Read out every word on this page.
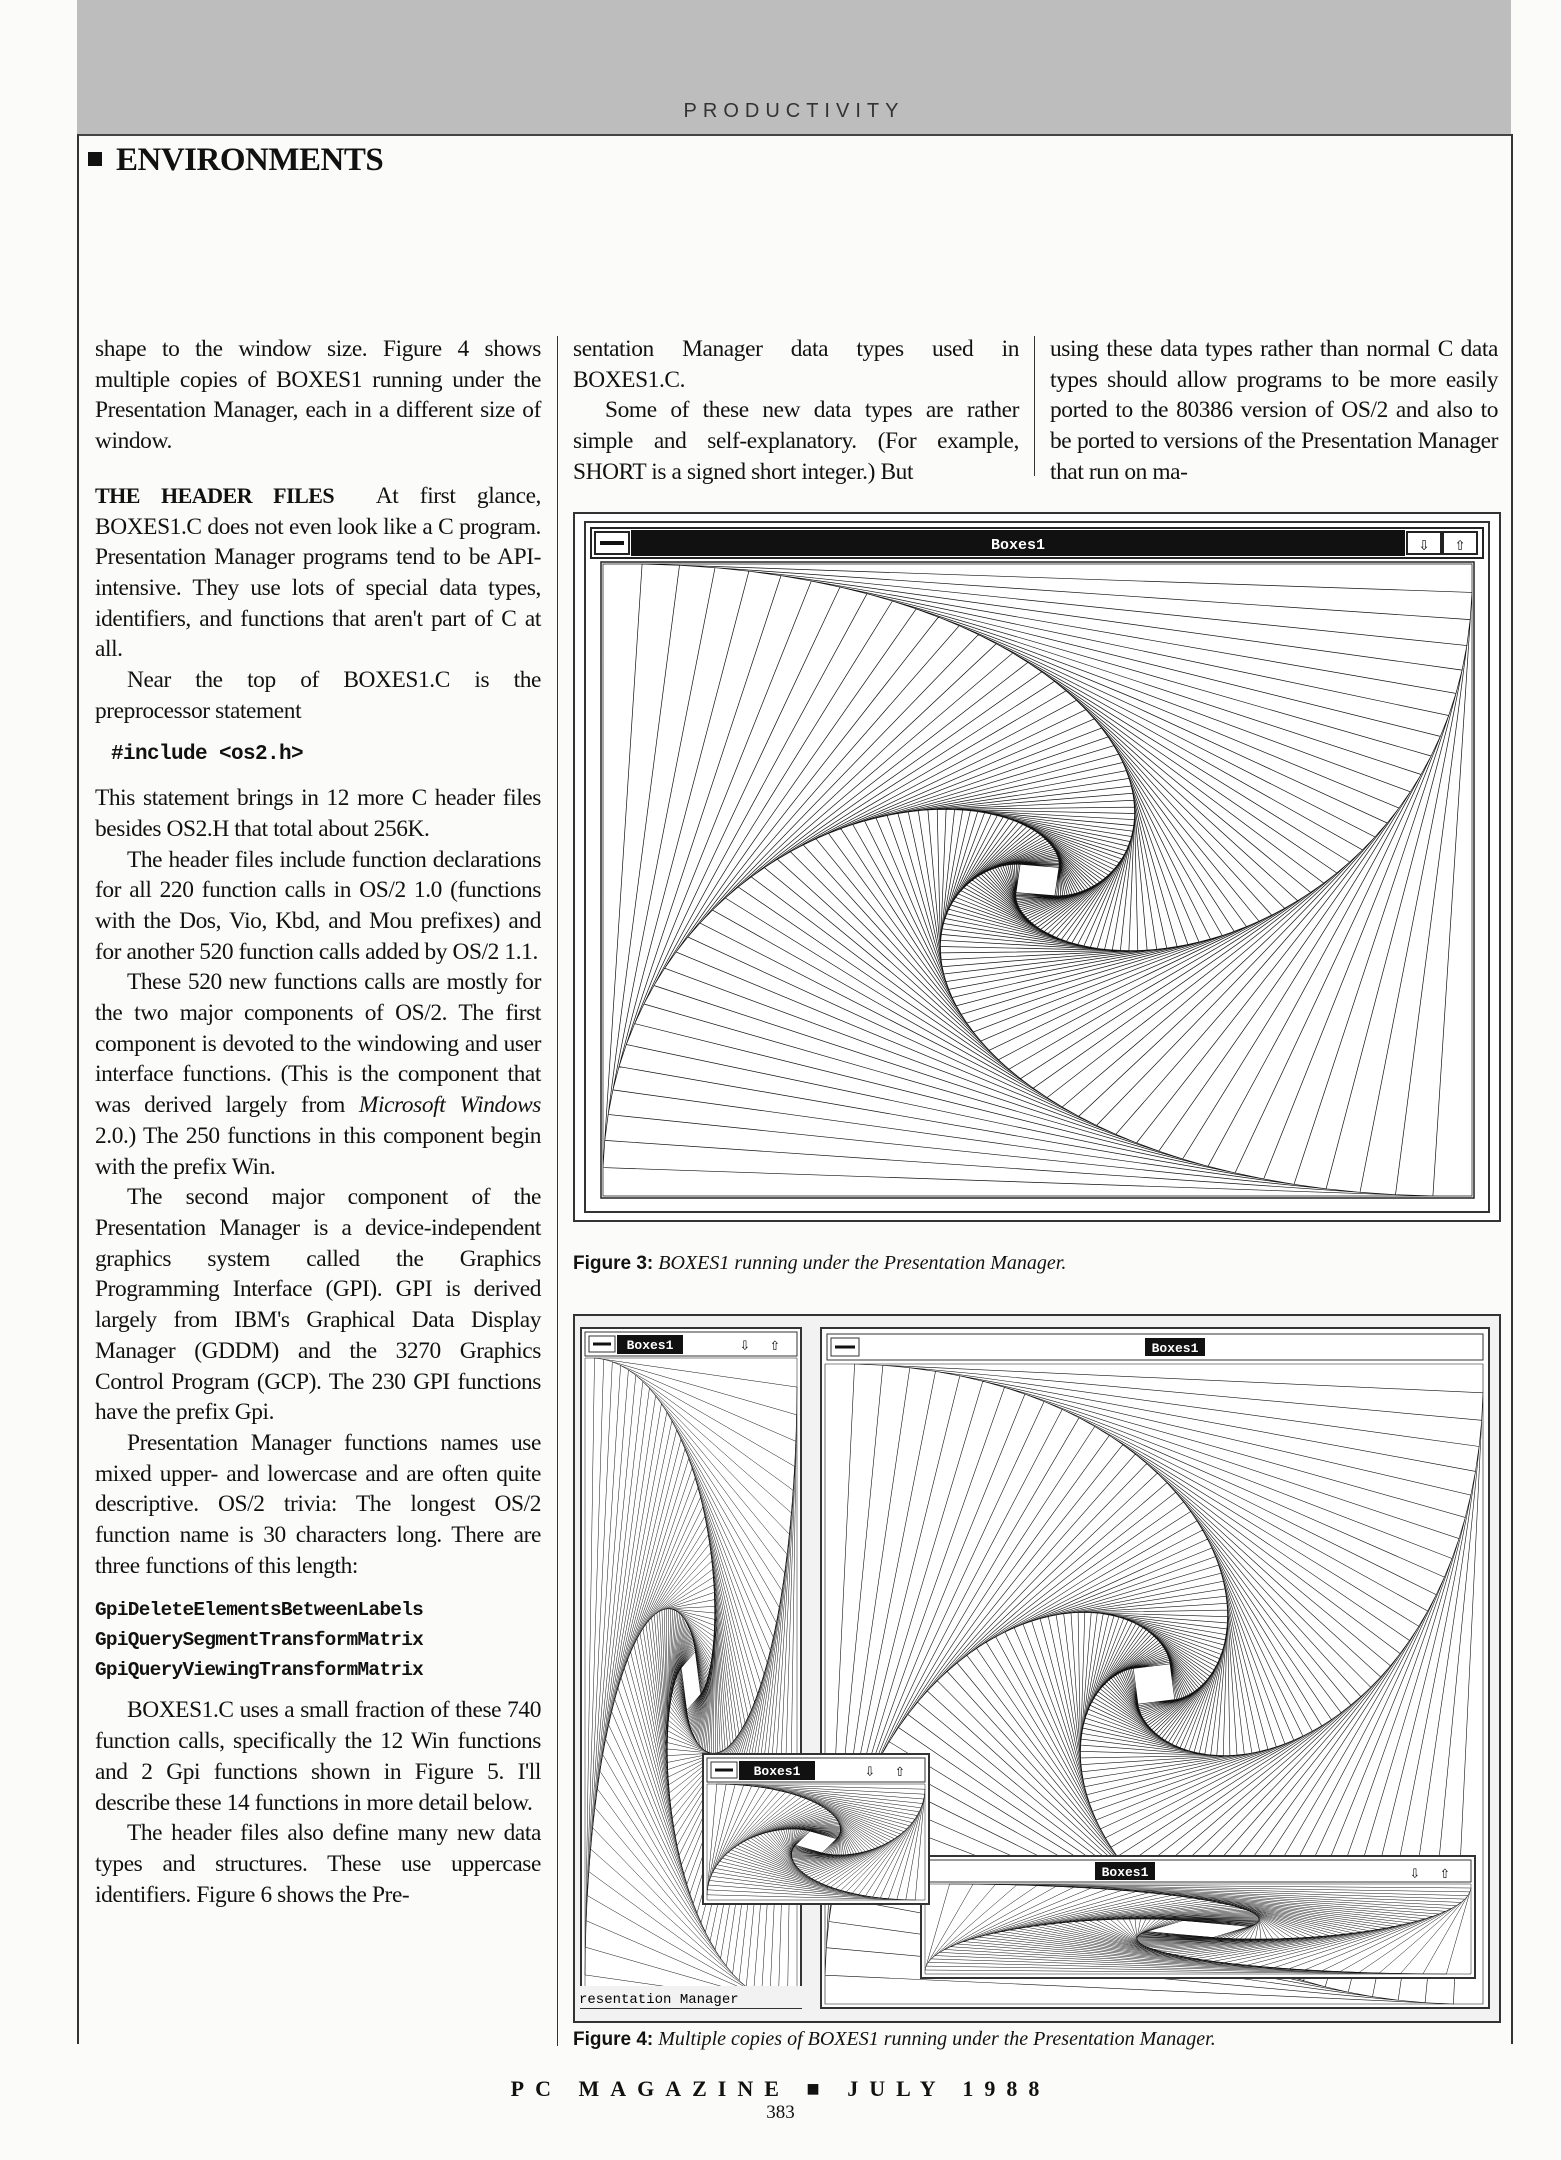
PRODUCTIVITY
ENVIRONMENTS

shape to the window size. Figure 4 shows multiple copies of BOXES1 running under the Presentation Manager, each in a different size of window.

THE HEADER FILES At first glance, BOXES1.C does not even look like a C program. Presentation Manager programs tend to be API-intensive. They use lots of special data types, identifiers, and functions that aren't part of C at all.

Near the top of BOXES1.C is the preprocessor statement

#include <os2.h>

This statement brings in 12 more C header files besides OS2.H that total about 256K.

The header files include function declarations for all 220 function calls in OS/2 1.0 (functions with the Dos, Vio, Kbd, and Mou prefixes) and for another 520 function calls added by OS/2 1.1.

These 520 new functions calls are mostly for the two major components of OS/2. The first component is devoted to the windowing and user interface functions. (This is the component that was derived largely from Microsoft Windows 2.0.) The 250 functions in this component begin with the prefix Win.

The second major component of the Presentation Manager is a device-independent graphics system called the Graphics Programming Interface (GPI). GPI is derived largely from IBM's Graphical Data Display Manager (GDDM) and the 3270 Graphics Control Program (GCP). The 230 GPI functions have the prefix Gpi.

Presentation Manager functions names use mixed upper- and lowercase and are often quite descriptive. OS/2 trivia: The longest OS/2 function name is 30 characters long. There are three functions of this length:

GpiDeleteElementsBetweenLabels
GpiQuerySegmentTransformMatrix
GpiQueryViewingTransformMatrix

BOXES1.C uses a small fraction of these 740 function calls, specifically the 12 Win functions and 2 Gpi functions shown in Figure 5. I'll describe these 14 functions in more detail below.

The header files also define many new data types and structures. These use uppercase identifiers. Figure 6 shows the Pre-

sentation Manager data types used in BOXES1.C.

Some of these new data types are rather simple and self-explanatory. (For example, SHORT is a signed short integer.) But

using these data types rather than normal C data types should allow programs to be more easily ported to the 80386 version of OS/2 and also to be ported to versions of the Presentation Manager that run on ma-

Boxes1	⇩ ⇧
Figure 3: BOXES1 running under the Presentation Manager.
Boxes1
Boxes1	⇩ ⇧
Boxes1	⇩ ⇧
Boxes1	⇩ ⇧
resentation Manager
Figure 4: Multiple copies of BOXES1 running under the Presentation Manager.
PC MAGAZINE ■ JULY 1988
383
